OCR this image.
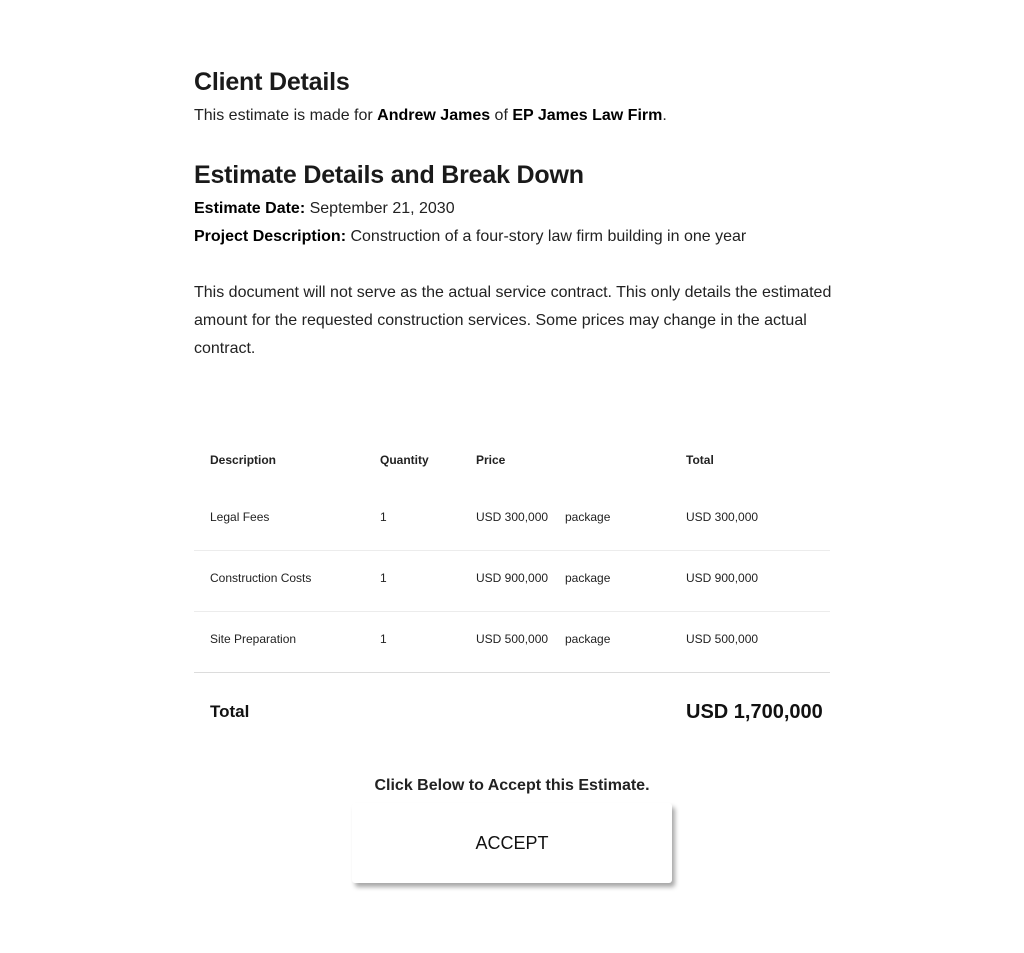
Client Details
This estimate is made for Andrew James of EP James Law Firm.
Estimate Details and Break Down
Estimate Date: September 21, 2030
Project Description: Construction of a four-story law firm building in one year
This document will not serve as the actual service contract. This only details the estimated amount for the requested construction services. Some prices may change in the actual contract.
Description	Quantity	Price	Total
Legal Fees	1	USD 300,000 package	USD 300,000
Construction Costs	1	USD 900,000 package	USD 900,000
Site Preparation	1	USD 500,000 package	USD 500,000
Total	USD 1,700,000
Click Below to Accept this Estimate.
ACCEPT
